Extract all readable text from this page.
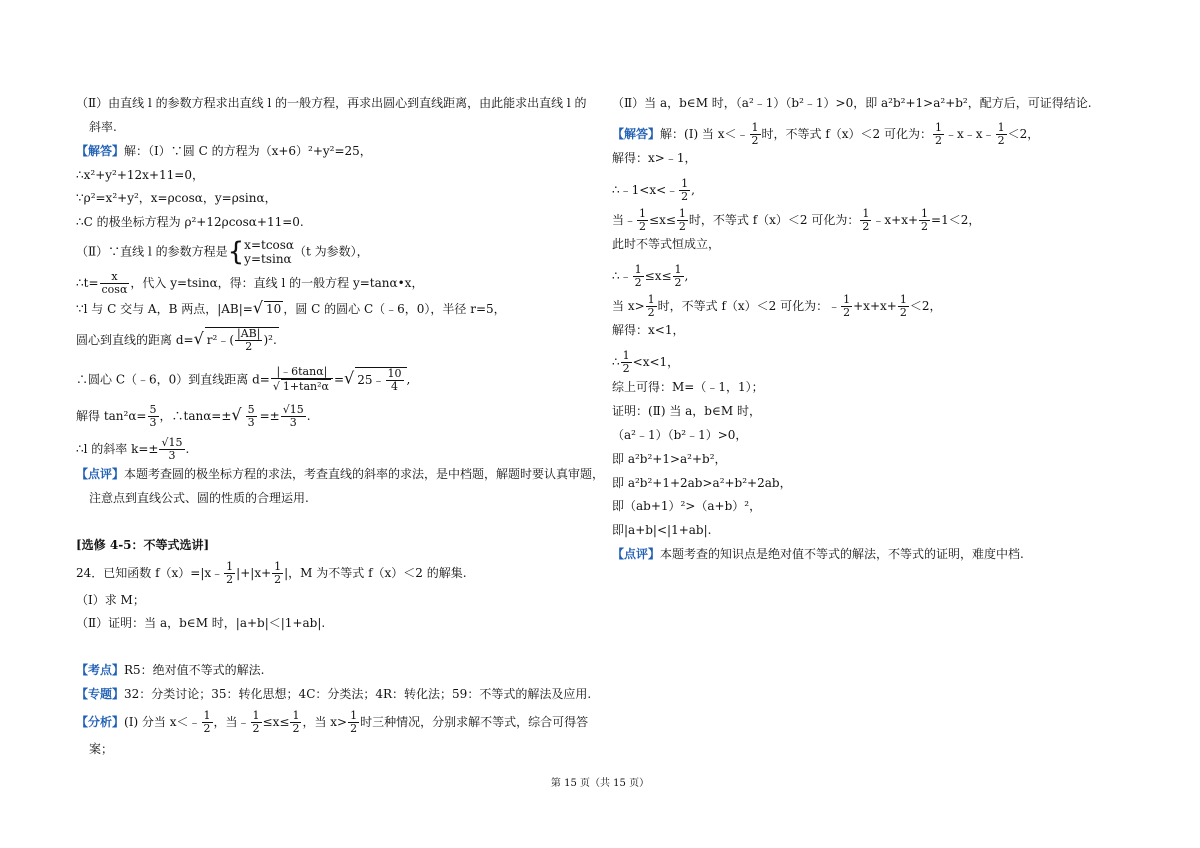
（Ⅱ）由直线 l 的参数方程求出直线 l 的一般方程，再求出圆心到直线距离，由此能求出直线 l 的
斜率.
【解答】解：（Ⅰ）∵圆 C 的方程为（x+6）²+y²=25，
∴x²+y²+12x+11=0，
∵ρ²=x²+y²，x=ρcosα，y=ρsinα，
∴C 的极坐标方程为 ρ²+12ρcosα+11=0.
（Ⅱ）∵直线 l 的参数方程是{ x=tcosα
y=tsinα
（t 为参数），
∴t= $\frac{x}{\cos\alpha}$ ，代入 y=tsinα，得：直线 l 的一般方程 y=tanα•x，
∵l 与 C 交与 A，B 两点，|AB|=√ 10 ，圆 C 的圆心 C（﹣6，0），半径 r=5，
圆心到直线的距离 d=√ r²﹣( $\frac{|AB|}{2} )^2$.
∴圆心 C（﹣6，0）到直线距离 $d= \frac{|﹣6\tan\alpha|}{\text{√ 1+tan²α}}$ =√ 25﹣ $\frac{10}{4}$ ,
解得 $\tan^2\alpha= \frac{5}{3}$ ，∴tanα=±√ $\frac{5}{3} =\pm \frac{√15}{3}$ .
∴l 的斜率 $k=\pm \frac{√15}{3}$ .
【点评】本题考查圆的极坐标方程的求法，考查直线的斜率的求法，是中档题，解题时要认真审题，
注意点到直线公式、圆的性质的合理运用.
[选修 4-5：不等式选讲]
24．已知函数 f（x）=|x﹣ $\frac{1}{2} |+|x+ \frac{1}{2}$ |，M 为不等式 f（x）＜2 的解集.
（Ⅰ）求 M；
（Ⅱ）证明：当 a，b∈M 时，|a+b|＜|1+ab|.
【考点】R5：绝对值不等式的解法.
【专题】32：分类讨论；35：转化思想；4C：分类法；4R：转化法；59：不等式的解法及应用.
【分析】(Ⅰ) 分当 x＜﹣ $\frac{1}{2}$ ，当﹣ $\frac{1}{2} \le x\le \frac{1}{2}$ ，当 $x> \frac{1}{2}$ 时三种情况，分别求解不等式，综合可得答
案；
（Ⅱ）当 a，b∈M 时，（a²﹣1）（b²﹣1）>0，即 a²b²+1>a²+b²，配方后，可证得结论.
【解答】解：(Ⅰ) 当 x＜﹣ $\frac{1}{2}$ 时，不等式 f（x）＜2 可化为： $\frac{1}{2}$ ﹣x﹣x﹣ $\frac{1}{2} <2$，
解得：x>﹣1，
∴﹣1<x<﹣ $\frac{1}{2}$ ,
当﹣ $\frac{1}{2} \le x\le \frac{1}{2}$ 时，不等式 f（x）＜2 可化为： $\frac{1}{2}$ ﹣x+x+ $\frac{1}{2} =1<2$，
此时不等式恒成立，
∴﹣ $\frac{1}{2} \le x\le \frac{1}{2}$ ,
当 $x> \frac{1}{2}$ 时，不等式 f（x）＜2 可化为：﹣ $\frac{1}{2} +x+x+ \frac{1}{2} <2$，
解得：x<1，
∴ $\frac{1}{2} <x<1$，
综上可得：M=（﹣1，1）；
证明：(Ⅱ) 当 a，b∈M 时，
（a²﹣1）（b²﹣1）>0，
即 a²b²+1>a²+b²，
即 a²b²+1+2ab>a²+b²+2ab，
即（ab+1）²>（a+b）²，
即|a+b|<|1+ab|.
【点评】本题考查的知识点是绝对值不等式的解法，不等式的证明，难度中档.
第 15 页（共 15 页）
